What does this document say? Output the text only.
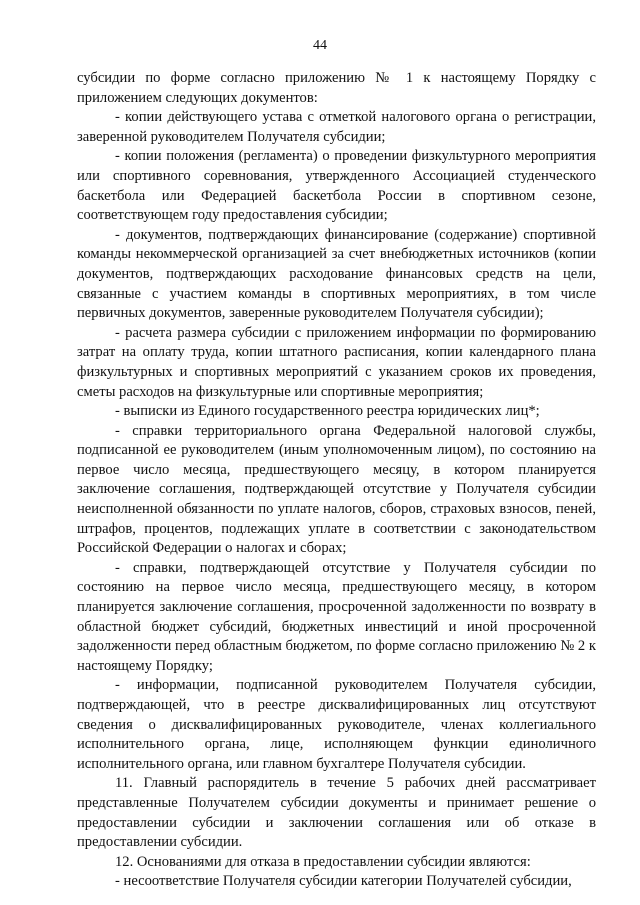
44

субсидии по форме согласно приложению № 1 к настоящему Порядку с приложением следующих документов:

- копии действующего устава с отметкой налогового органа о регистрации, заверенной руководителем Получателя субсидии;

- копии положения (регламента) о проведении физкультурного мероприятия или спортивного соревнования, утвержденного Ассоциацией студенческого баскетбола или Федерацией баскетбола России в спортивном сезоне, соответствующем году предоставления субсидии;

- документов, подтверждающих финансирование (содержание) спортивной команды некоммерческой организацией за счет внебюджетных источников (копии документов, подтверждающих расходование финансовых средств на цели, связанные с участием команды в спортивных мероприятиях, в том числе первичных документов, заверенные руководителем Получателя субсидии);

- расчета размера субсидии с приложением информации по формированию затрат на оплату труда, копии штатного расписания, копии календарного плана физкультурных и спортивных мероприятий с указанием сроков их проведения, сметы расходов на физкультурные или спортивные мероприятия;

- выписки из Единого государственного реестра юридических лиц*;

- справки территориального органа Федеральной налоговой службы, подписанной ее руководителем (иным уполномоченным лицом), по состоянию на первое число месяца, предшествующего месяцу, в котором планируется заключение соглашения, подтверждающей отсутствие у Получателя субсидии неисполненной обязанности по уплате налогов, сборов, страховых взносов, пеней, штрафов, процентов, подлежащих уплате в соответствии с законодательством Российской Федерации о налогах и сборах;

- справки, подтверждающей отсутствие у Получателя субсидии по состоянию на первое число месяца, предшествующего месяцу, в котором планируется заключение соглашения, просроченной задолженности по возврату в областной бюджет субсидий, бюджетных инвестиций и иной просроченной задолженности перед областным бюджетом, по форме согласно приложению № 2 к настоящему Порядку;

- информации, подписанной руководителем Получателя субсидии, подтверждающей, что в реестре дисквалифицированных лиц отсутствуют сведения о дисквалифицированных руководителе, членах коллегиального исполнительного органа, лице, исполняющем функции единоличного исполнительного органа, или главном бухгалтере Получателя субсидии.

11. Главный распорядитель в течение 5 рабочих дней рассматривает представленные Получателем субсидии документы и принимает решение о предоставлении субсидии и заключении соглашения или об отказе в предоставлении субсидии.

12. Основаниями для отказа в предоставлении субсидии являются:

- несоответствие Получателя субсидии категории Получателей субсидии,
